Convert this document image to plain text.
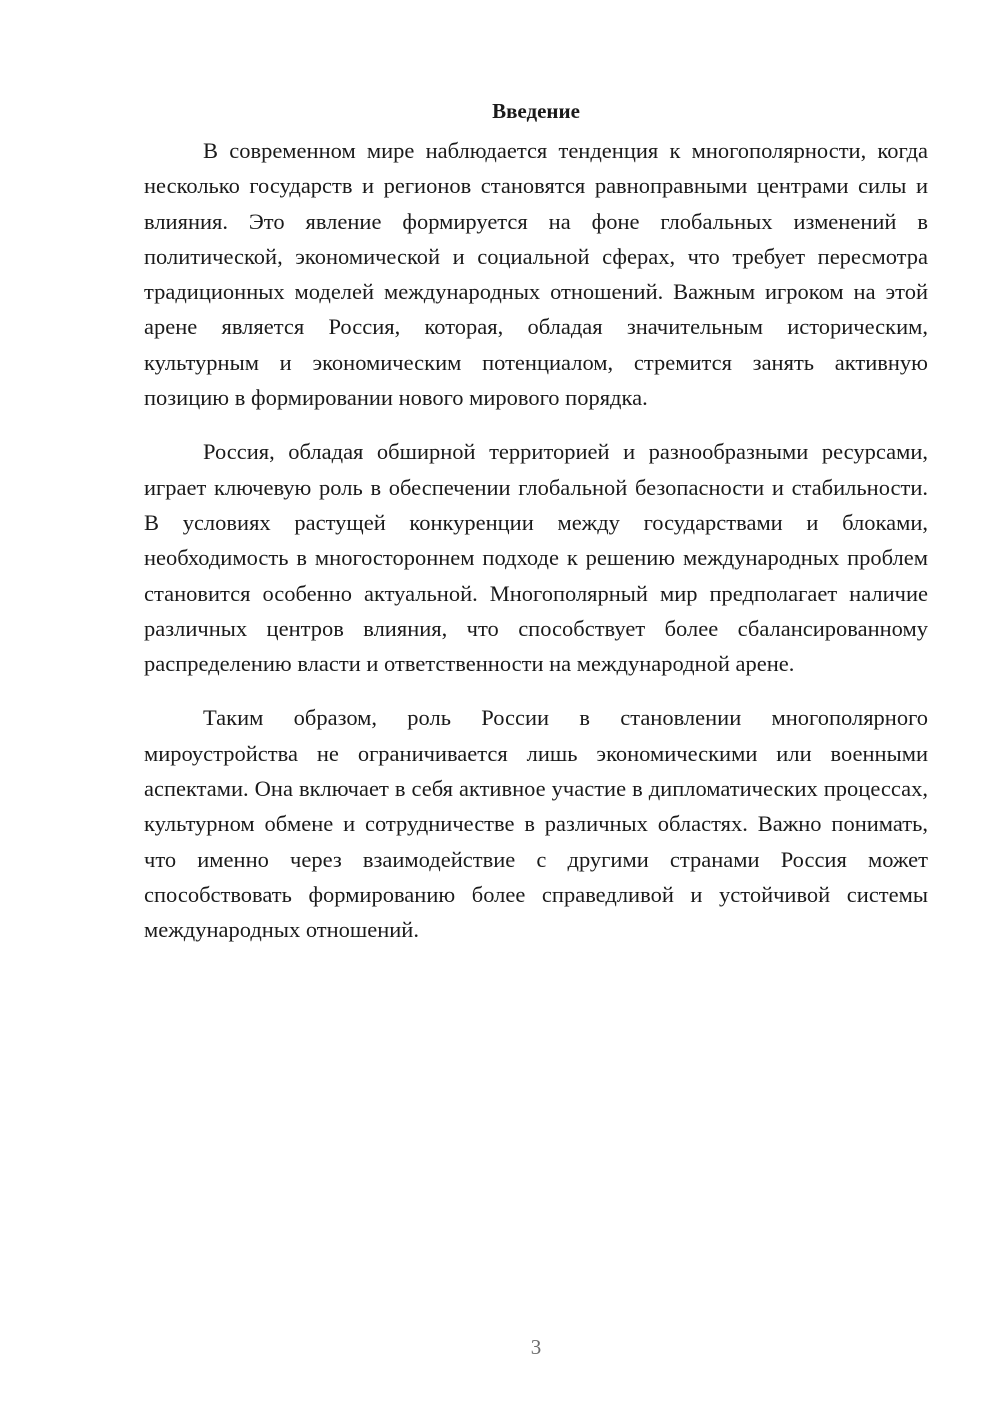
Введение

В современном мире наблюдается тенденция к многополярности, когда несколько государств и регионов становятся равноправными центрами силы и влияния. Это явление формируется на фоне глобальных изменений в политической, экономической и социальной сферах, что требует пересмотра традиционных моделей международных отношений. Важным игроком на этой арене является Россия, которая, обладая значительным историческим, культурным и экономическим потенциалом, стремится занять активную позицию в формировании нового мирового порядка.

Россия, обладая обширной территорией и разнообразными ресурсами, играет ключевую роль в обеспечении глобальной безопасности и стабильности. В условиях растущей конкуренции между государствами и блоками, необходимость в многостороннем подходе к решению международных проблем становится особенно актуальной. Многополярный мир предполагает наличие различных центров влияния, что способствует более сбалансированному распределению власти и ответственности на международной арене.

Таким образом, роль России в становлении многополярного мироустройства не ограничивается лишь экономическими или военными аспектами. Она включает в себя активное участие в дипломатических процессах, культурном обмене и сотрудничестве в различных областях. Важно понимать, что именно через взаимодействие с другими странами Россия может способствовать формированию более справедливой и устойчивой системы международных отношений.

3
